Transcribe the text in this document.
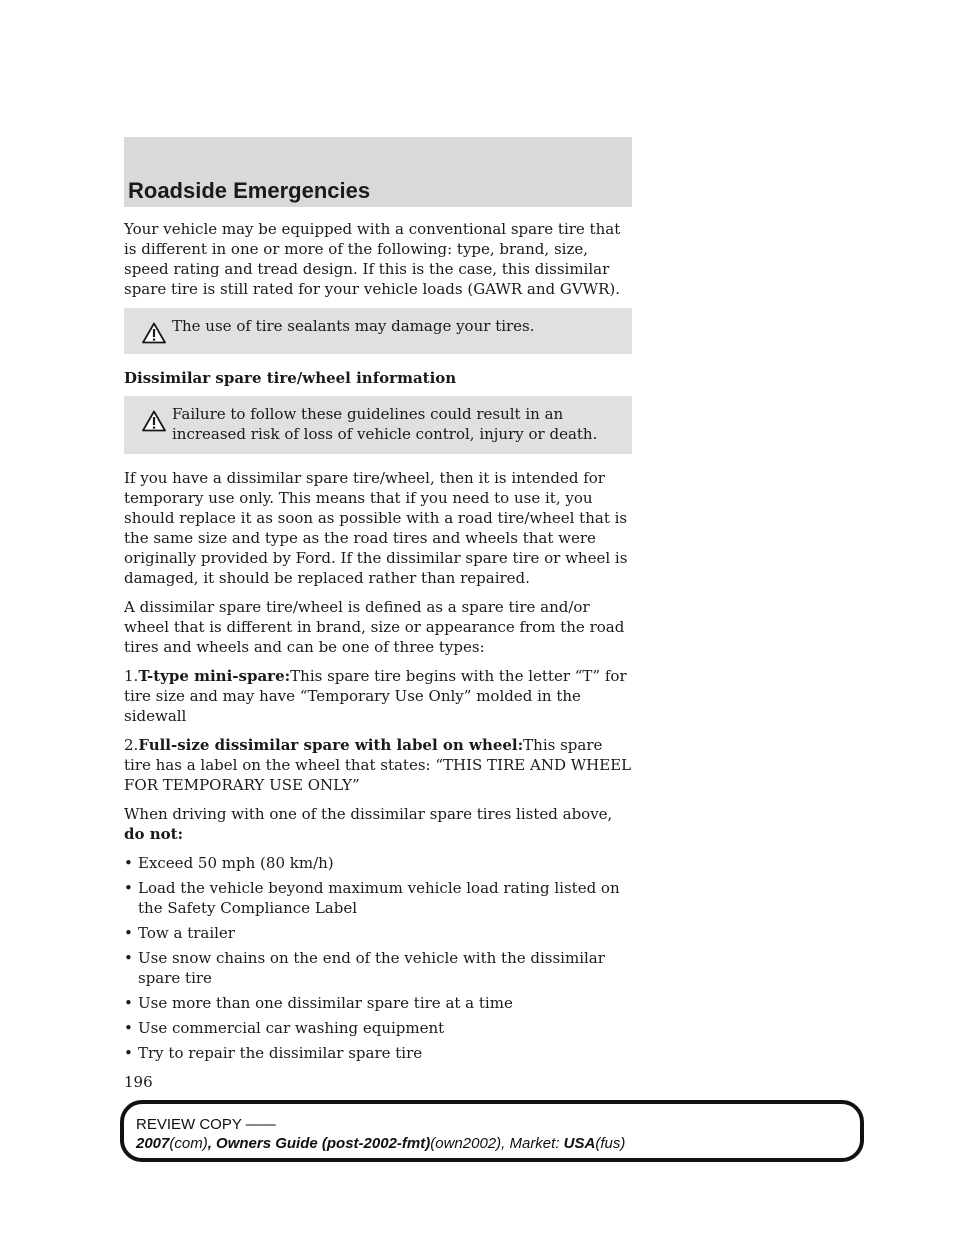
Roadside Emergencies

Your vehicle may be equipped with a conventional spare tire that is different in one or more of the following: type, brand, size, speed rating and tread design. If this is the case, this dissimilar spare tire is still rated for your vehicle loads (GAWR and GVWR).

The use of tire sealants may damage your tires.

Dissimilar spare tire/wheel information

Failure to follow these guidelines could result in an increased risk of loss of vehicle control, injury or death.

If you have a dissimilar spare tire/wheel, then it is intended for temporary use only. This means that if you need to use it, you should replace it as soon as possible with a road tire/wheel that is the same size and type as the road tires and wheels that were originally provided by Ford. If the dissimilar spare tire or wheel is damaged, it should be replaced rather than repaired.

A dissimilar spare tire/wheel is defined as a spare tire and/or wheel that is different in brand, size or appearance from the road tires and wheels and can be one of three types:

1.T-type mini-spare:This spare tire begins with the letter “T” for tire size and may have “Temporary Use Only” molded in the sidewall

2.Full-size dissimilar spare with label on wheel:This spare tire has a label on the wheel that states: “THIS TIRE AND WHEEL FOR TEMPORARY USE ONLY”

When driving with one of the dissimilar spare tires listed above, do not:

• Exceed 50 mph (80 km/h)
• Load the vehicle beyond maximum vehicle load rating listed on the Safety Compliance Label
• Tow a trailer
• Use snow chains on the end of the vehicle with the dissimilar spare tire
• Use more than one dissimilar spare tire at a time
• Use commercial car washing equipment
• Try to repair the dissimilar spare tire
196
REVIEW COPY ——
2007(com), Owners Guide (post-2002-fmt)(own2002), Market: USA(fus)
